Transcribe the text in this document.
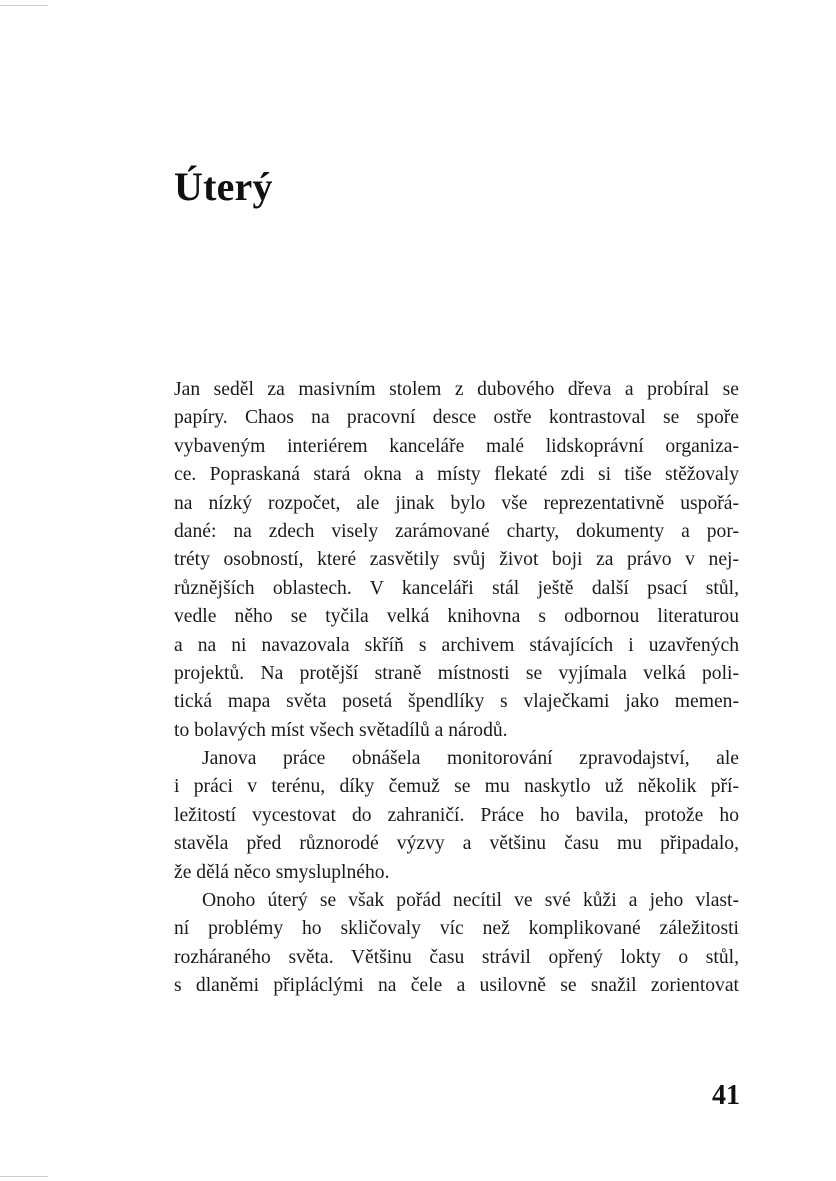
Úterý
Jan seděl za masivním stolem z dubového dřeva a probíral se
papíry. Chaos na pracovní desce ostře kontrastoval se spoře
vybaveným interiérem kanceláře malé lidskoprávní organiza-
ce. Popraskaná stará okna a místy flekaté zdi si tiše stěžovaly
na nízký rozpočet, ale jinak bylo vše reprezentativně uspořá-
dané: na zdech visely zarámované charty, dokumenty a por-
tréty osobností, které zasvětily svůj život boji za právo v nej-
různějších oblastech. V kanceláři stál ještě další psací stůl,
vedle něho se tyčila velká knihovna s odbornou literaturou
a na ni navazovala skříň s archivem stávajících i uzavřených
projektů. Na protější straně místnosti se vyjímala velká poli-
tická mapa světa posetá špendlíky s vlaječkami jako memen-
to bolavých míst všech světadílů a národů.
Janova práce obnášela monitorování zpravodajství, ale
i práci v terénu, díky čemuž se mu naskytlo už několik pří-
ležitostí vycestovat do zahraničí. Práce ho bavila, protože ho
stavěla před různorodé výzvy a většinu času mu připadalo,
že dělá něco smysluplného.
Onoho úterý se však pořád necítil ve své kůži a jeho vlast-
ní problémy ho skličovaly víc než komplikované záležitosti
rozháraného světa. Většinu času strávil opřený lokty o stůl,
s dlaněmi připláclými na čele a usilovně se snažil zorientovat
41
